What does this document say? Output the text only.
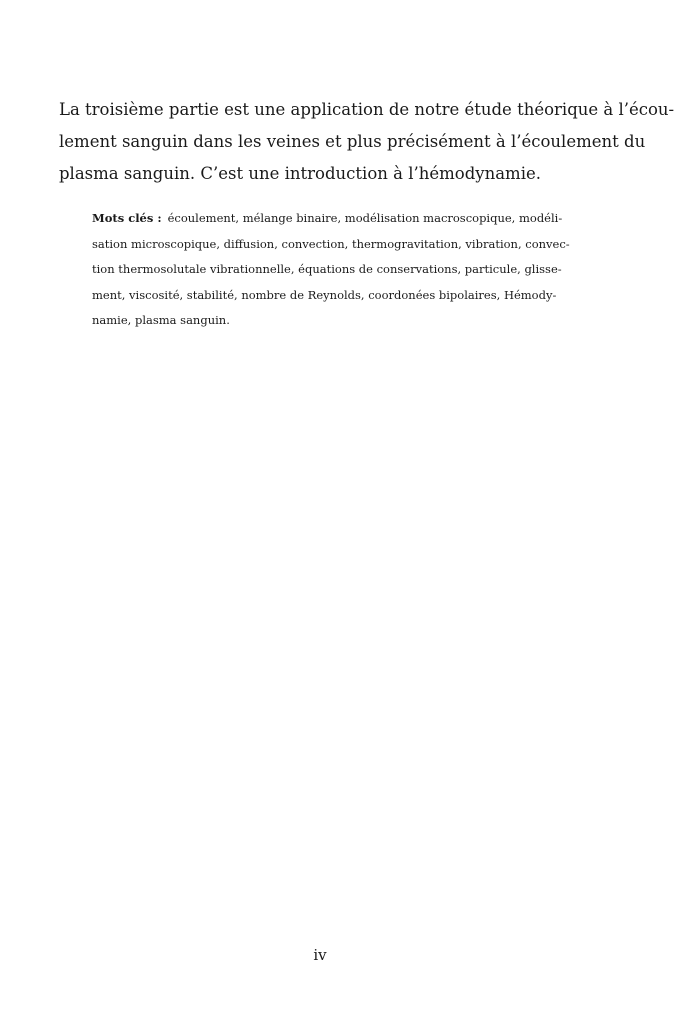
La troisième partie est une application de notre étude théorique à l’écou-
lement sanguin dans les veines et plus précisément à l’écoulement du
plasma sanguin. C’est une introduction à l’hémodynamie.
Mots clés : écoulement, mélange binaire, modélisation macroscopique, modéli-
sation microscopique, diffusion, convection, thermogravitation, vibration, convec-
tion thermosolutale vibrationnelle, équations de conservations, particule, glisse-
ment, viscosité, stabilité, nombre de Reynolds, coordonées bipolaires, Hémody-
namie, plasma sanguin.
iv
